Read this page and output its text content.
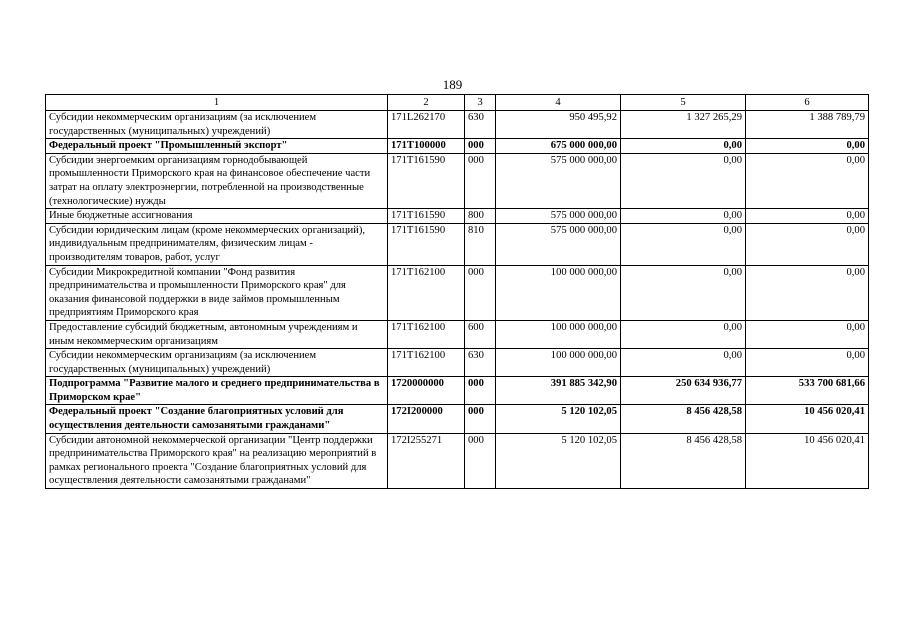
189
1	2	3	4	5	6
Субсидии некоммерческим организациям (за исключением государственных (муниципальных) учреждений)	171L262170	630	950 495,92	1 327 265,29	1 388 789,79
Федеральный проект "Промышленный экспорт"	171T100000	000	675 000 000,00	0,00	0,00
Субсидии энергоемким организациям горнодобывающей промышленности Приморского края на финансовое обеспечение части затрат на оплату электроэнергии, потребленной на производственные (технологические) нужды	171T161590	000	575 000 000,00	0,00	0,00
Иные бюджетные ассигнования	171T161590	800	575 000 000,00	0,00	0,00
Субсидии юридическим лицам (кроме некоммерческих организаций), индивидуальным предпринимателям, физическим лицам - производителям товаров, работ, услуг	171T161590	810	575 000 000,00	0,00	0,00
Субсидии Микрокредитной компании "Фонд развития предпринимательства и промышленности Приморского края" для оказания финансовой поддержки в виде займов промышленным предприятиям Приморского края	171T162100	000	100 000 000,00	0,00	0,00
Предоставление субсидий бюджетным, автономным учреждениям и иным некоммерческим организациям	171T162100	600	100 000 000,00	0,00	0,00
Субсидии некоммерческим организациям (за исключением государственных (муниципальных) учреждений)	171T162100	630	100 000 000,00	0,00	0,00
Подпрограмма "Развитие малого и среднего предпринимательства в Приморском крае"	1720000000	000	391 885 342,90	250 634 936,77	533 700 681,66
Федеральный проект "Создание благоприятных условий для осуществления деятельности самозанятыми гражданами"	172I200000	000	5 120 102,05	8 456 428,58	10 456 020,41
Субсидии автономной некоммерческой организации "Центр поддержки предпринимательства Приморского края" на реализацию мероприятий в рамках регионального проекта "Создание благоприятных условий для осуществления деятельности самозанятыми гражданами"	172I255271	000	5 120 102,05	8 456 428,58	10 456 020,41
